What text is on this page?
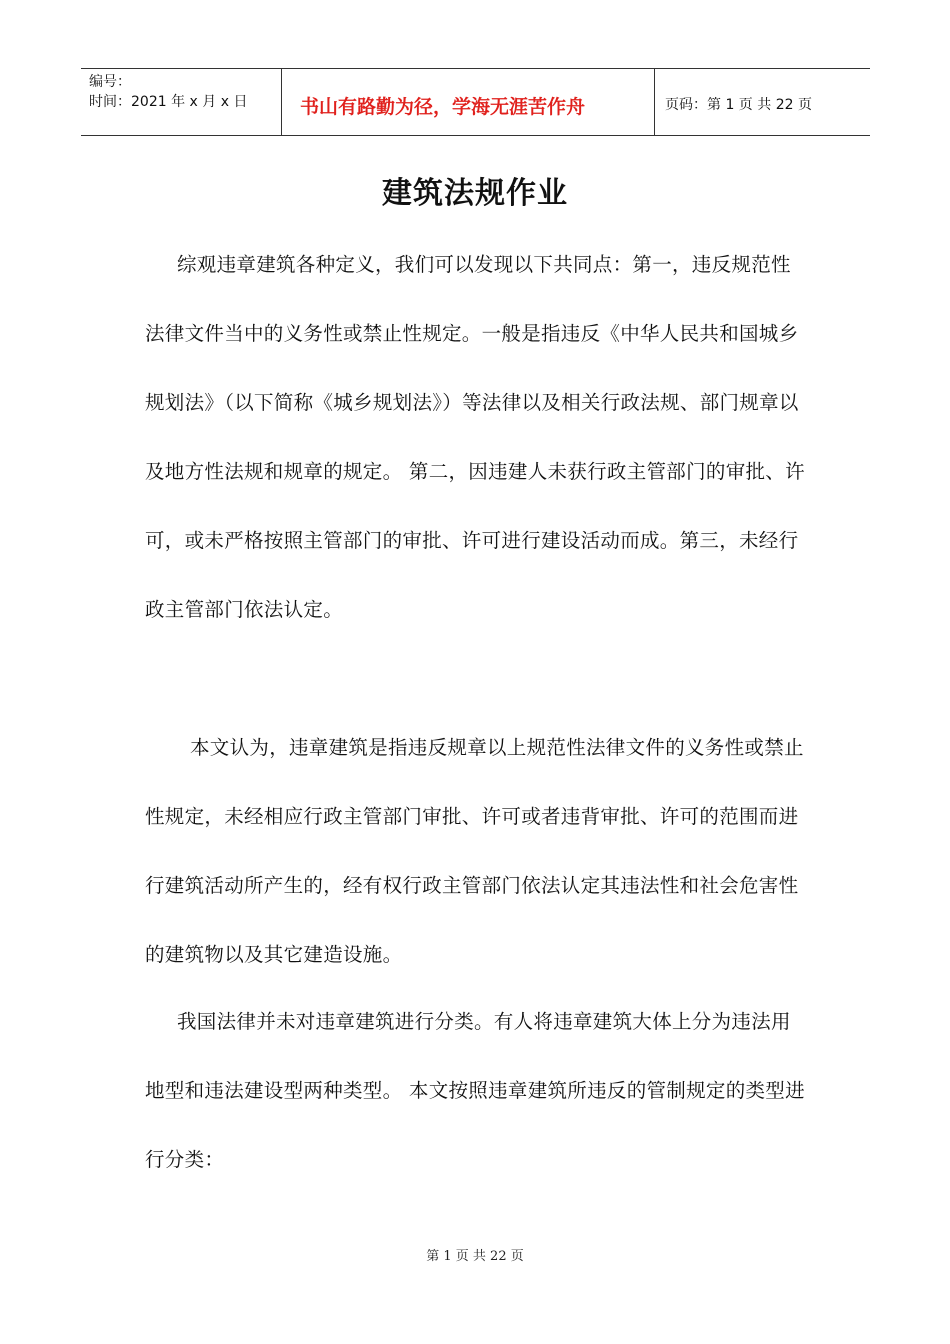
编号：
时间：2021 年 x 月 x 日	书山有路勤为径，学海无涯苦作舟	页码：第 1 页 共 22 页
建筑法规作业

综观违章建筑各种定义，我们可以发现以下共同点：第一，违反规范性法律文件当中的义务性或禁止性规定。一般是指违反《中华人民共和国城乡规划法》（以下简称《城乡规划法》）等法律以及相关行政法规、部门规章以及地方性法规和规章的规定。 第二，因违建人未获行政主管部门的审批、许可，或未严格按照主管部门的审批、许可进行建设活动而成。第三，未经行政主管部门依法认定。

本文认为，违章建筑是指违反规章以上规范性法律文件的义务性或禁止性规定，未经相应行政主管部门审批、许可或者违背审批、许可的范围而进行建筑活动所产生的，经有权行政主管部门依法认定其违法性和社会危害性的建筑物以及其它建造设施。

我国法律并未对违章建筑进行分类。有人将违章建筑大体上分为违法用地型和违法建设型两种类型。 本文按照违章建筑所违反的管制规定的类型进行分类：

第 1 页 共 22 页
